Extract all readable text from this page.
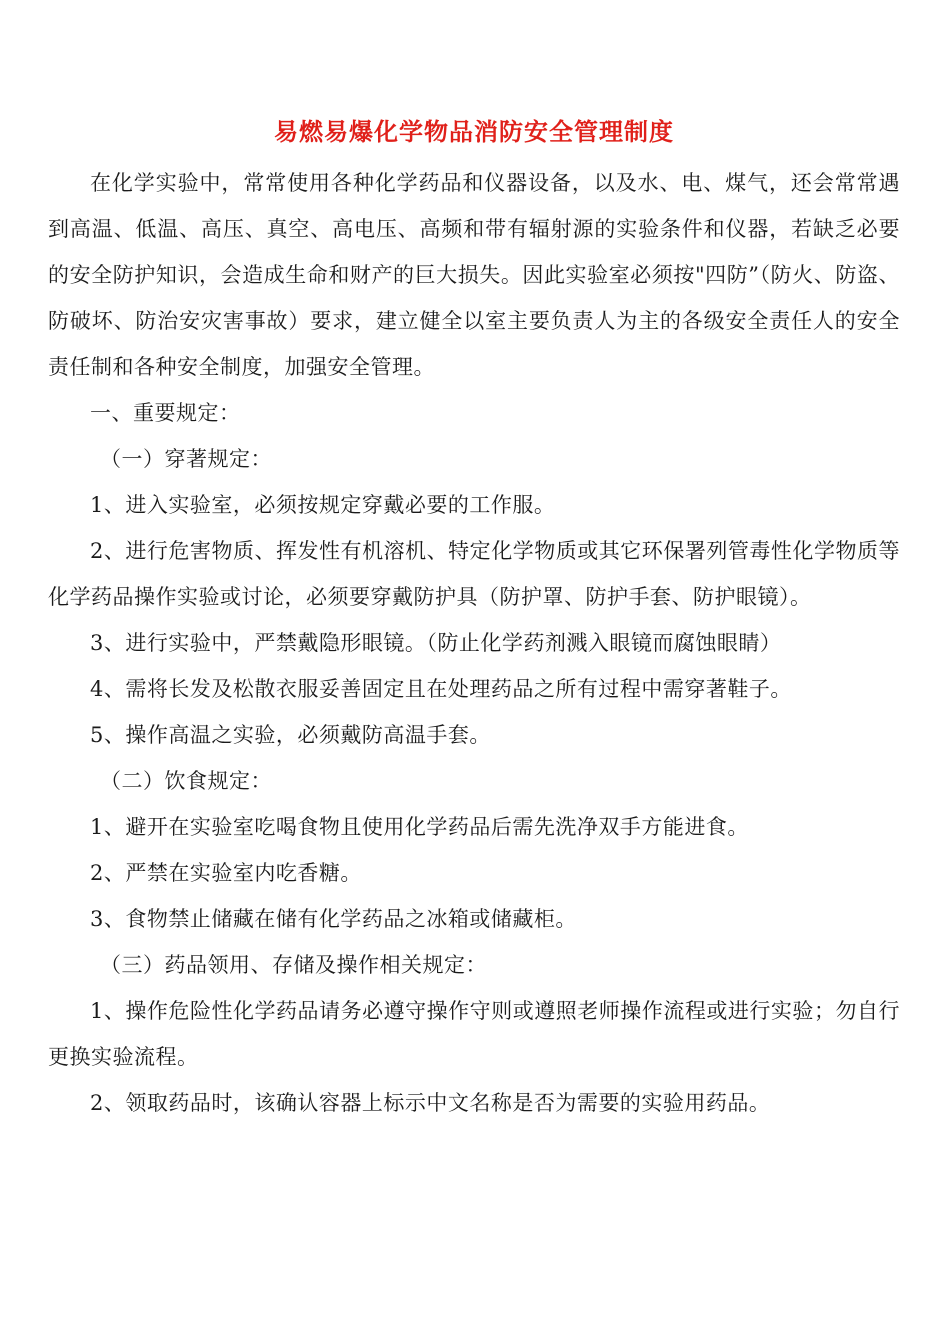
易燃易爆化学物品消防安全管理制度

在化学实验中，常常使用各种化学药品和仪器设备，以及水、电、煤气，还会常常遇到高温、低温、高压、真空、高电压、高频和带有辐射源的实验条件和仪器，若缺乏必要的安全防护知识，会造成生命和财产的巨大损失。因此实验室必须按"四防”（防火、防盗、防破坏、防治安灾害事故）要求，建立健全以室主要负责人为主的各级安全责任人的安全责任制和各种安全制度，加强安全管理。

一、重要规定：

（一）穿著规定：

1、进入实验室，必须按规定穿戴必要的工作服。

2、进行危害物质、挥发性有机溶机、特定化学物质或其它环保署列管毒性化学物质等化学药品操作实验或讨论，必须要穿戴防护具（防护罩、防护手套、防护眼镜）。

3、进行实验中，严禁戴隐形眼镜。（防止化学药剂溅入眼镜而腐蚀眼睛）

4、需将长发及松散衣服妥善固定且在处理药品之所有过程中需穿著鞋子。

5、操作高温之实验，必须戴防高温手套。

（二）饮食规定：

1、避开在实验室吃喝食物且使用化学药品后需先洗净双手方能进食。

2、严禁在实验室内吃香糖。

3、食物禁止储藏在储有化学药品之冰箱或储藏柜。

（三）药品领用、存储及操作相关规定：

1、操作危险性化学药品请务必遵守操作守则或遵照老师操作流程或进行实验；勿自行更换实验流程。

2、领取药品时，该确认容器上标示中文名称是否为需要的实验用药品。
